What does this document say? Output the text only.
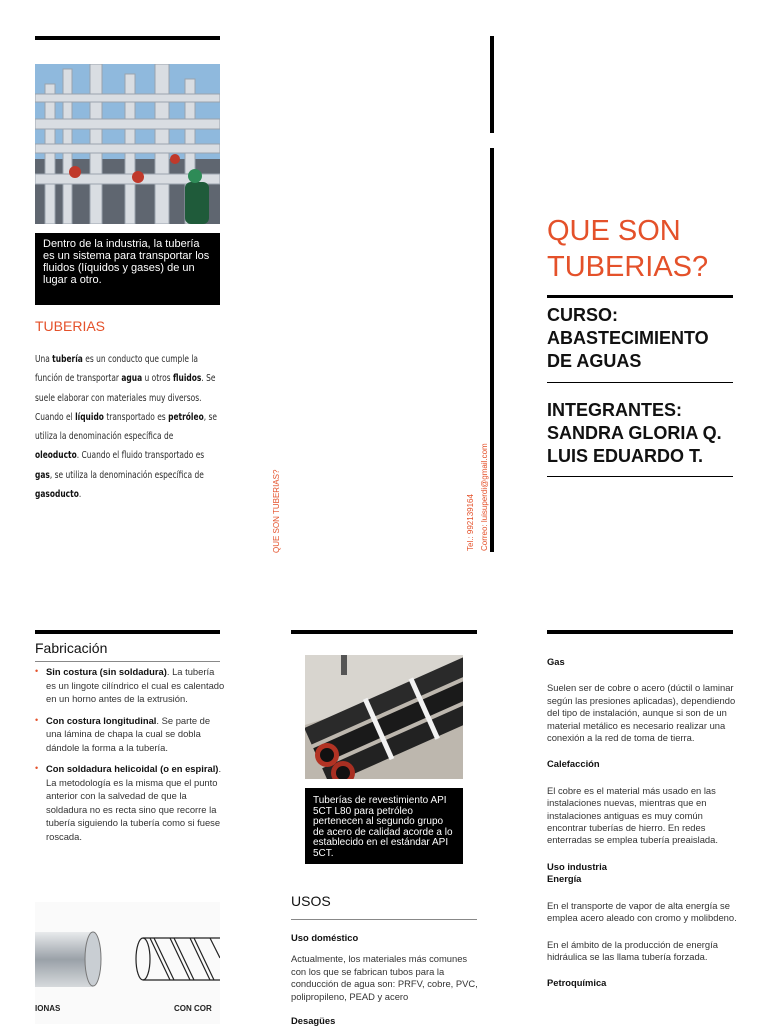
Dentro de la industria, la tubería es un sistema para transportar los fluidos (líquidos y gases) de un lugar a otro.
TUBERIAS
Una tubería es un conducto que cumple la función de transportar agua u otros fluidos. Se suele elaborar con materiales muy diversos. Cuando el líquido transportado es petróleo, se utiliza la denominación específica de oleoducto. Cuando el fluido transportado es gas, se utiliza la denominación específica de gasoducto.	QUE SON TUBERIAS?	Tel.: 992139164 Correo: luisuperdi@gmail.com
QUE SON TUBERIAS?
CURSO: ABASTECIMIENTO DE AGUAS
INTEGRANTES:
SANDRA GLORIA Q.
LUIS EDUARDO T.
Fabricación
• Sin costura (sin soldadura). La tubería es un lingote cilíndrico el cual es calentado en un horno antes de la extrusión.
• Con costura longitudinal. Se parte de una lámina de chapa la cual se dobla dándole la forma a la tubería.
• Con soldadura helicoidal (o en espiral). La metodología es la misma que el punto anterior con la salvedad de que la soldadura no es recta sino que recorre la tubería siguiendo la tubería como si fuese roscada.
IONAS	CON COR
Tuberías de revestimiento API 5CT L80 para petróleo pertenecen al segundo grupo de acero de calidad acorde a lo establecido en el estándar API 5CT.
USOS
Uso doméstico
Actualmente, los materiales más comunes con los que se fabrican tubos para la conducción de agua son: PRFV, cobre, PVC, polipropileno, PEAD y acero
Desagües
Gas
Suelen ser de cobre o acero (dúctil o laminar según las presiones aplicadas), dependiendo del tipo de instalación, aunque si son de un material metálico es necesario realizar una conexión a la red de toma de tierra.
Calefacción
El cobre es el material más usado en las instalaciones nuevas, mientras que en instalaciones antiguas es muy común encontrar tuberías de hierro. En redes enterradas se emplea tubería preaislada.
Uso industria
Energía
En el transporte de vapor de alta energía se emplea acero aleado con cromo y molibdeno.
En el ámbito de la producción de energía hidráulica se las llama tubería forzada.
Petroquímica
